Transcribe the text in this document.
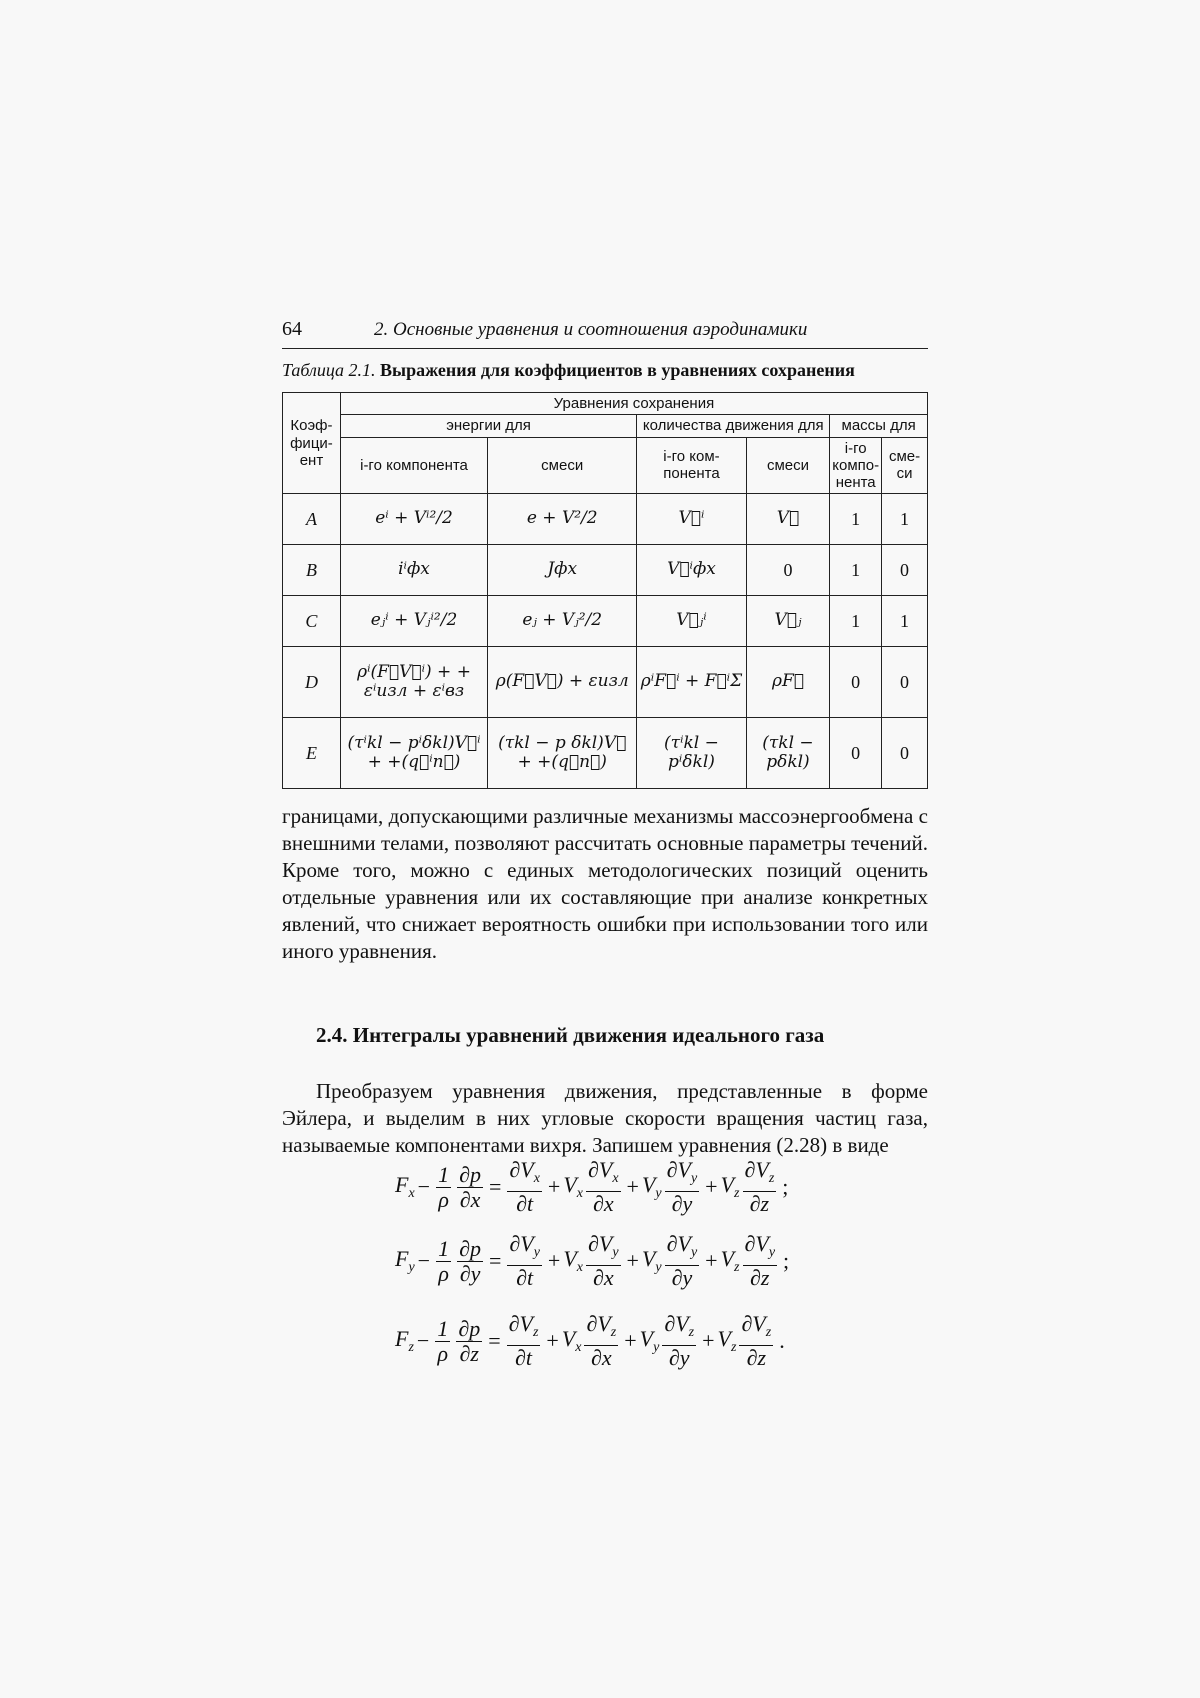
64	2. Основные уравнения и соотношения аэродинамики
Таблица 2.1. Выражения для коэффициентов в уравнениях сохранения
Коэф-фици-ент	Уравнения сохранения					
	энергии для		количества движения для		массы для	
	i-го компонента	смеси	i-го ком-понента	смеси	i-го компо-нента	сме-си
A	eⁱ + Vⁱ²/2	e + V²/2	V⃗ⁱ	V⃗	1	1
B	iⁱфх	Jфх	V⃗ⁱфх	0	1	0
C	eⱼⁱ + Vⱼⁱ²/2	eⱼ + Vⱼ²/2	V⃗ⱼⁱ	V⃗ⱼ	1	1
D	ρⁱ(F⃗V⃗ⁱ) + + εⁱизл + εⁱвз	ρ(F⃗V⃗) + εизл	ρⁱF⃗ⁱ + F⃗ⁱΣ	ρF⃗	0	0
E	(τⁱkl − pⁱδkl)V⃗ⁱ + +(q⃗ⁱn⃗)	(τkl − p δkl)V⃗ + +(q⃗n⃗)	(τⁱkl − pⁱδkl)	(τkl − pδkl)	0	0

границами, допускающими различные механизмы массоэнергообмена с внешними телами, позволяют рассчитать основные параметры течений. Кроме того, можно с единых методологических позиций оценить отдельные уравнения или их составляющие при анализе конкретных явлений, что снижает вероятность ошибки при использовании того или иного уравнения.

2.4. Интегралы уравнений движения идеального газа

Преобразуем уравнения движения, представленные в форме Эйлера, и выделим в них угловые скорости вращения частиц газа, называемые компонентами вихря. Запишем уравнения (2.28) в виде

$F_x - \frac{1}{\rho} \frac{\partial p}{\partial x} = \frac{\partial V_x}{\partial t} + V_x \frac{\partial V_x}{\partial x} + V_y \frac{\partial V_y}{\partial y} + V_z \frac{\partial V_z}{\partial z}$ ;
$F_y - \frac{1}{\rho} \frac{\partial p}{\partial y} = \frac{\partial V_y}{\partial t} + V_x \frac{\partial V_y}{\partial x} + V_y \frac{\partial V_y}{\partial y} + V_z \frac{\partial V_y}{\partial z}$ ;
$F_z - \frac{1}{\rho} \frac{\partial p}{\partial z} = \frac{\partial V_z}{\partial t} + V_x \frac{\partial V_z}{\partial x} + V_y \frac{\partial V_z}{\partial y} + V_z \frac{\partial V_z}{\partial z}$ .
